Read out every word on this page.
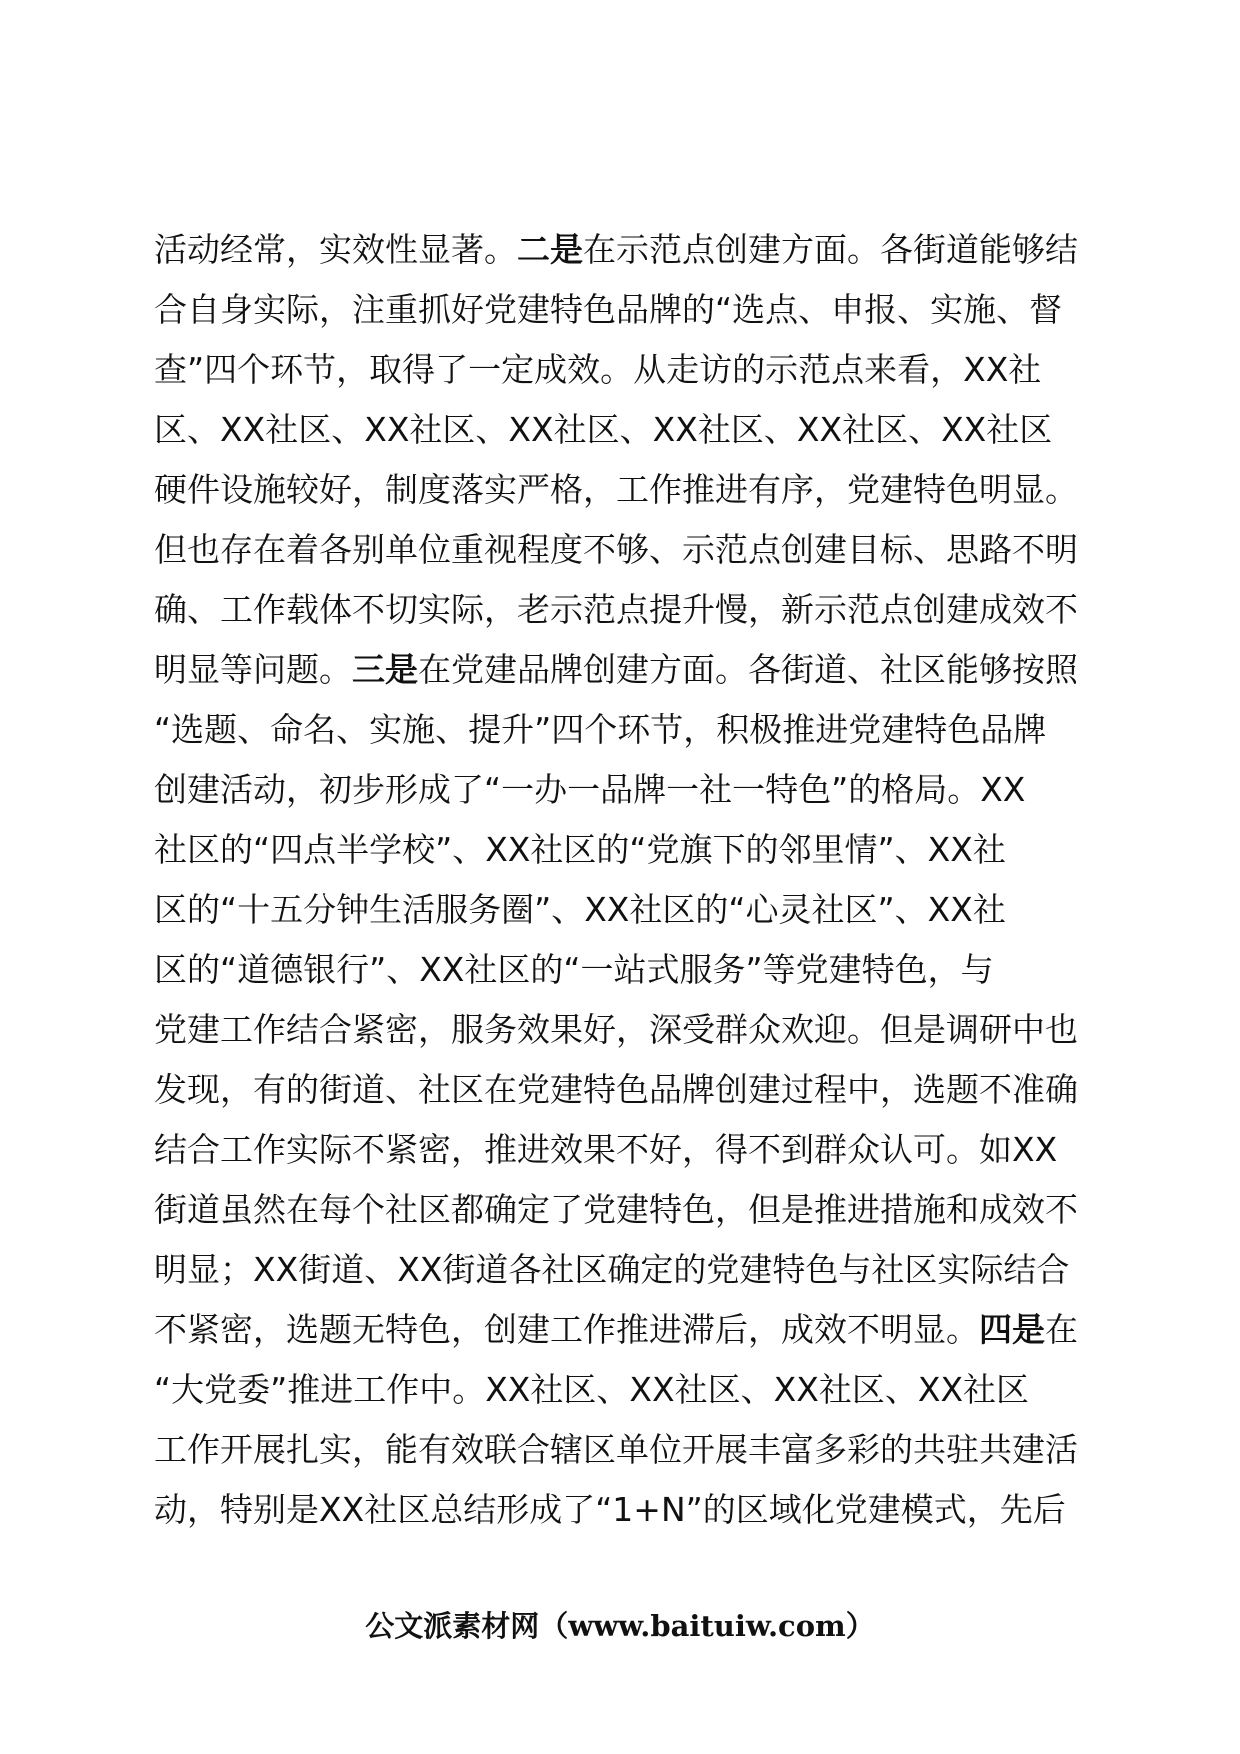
活动经常，实效性显著。二是在示范点创建方面。各街道能够结
合自身实际，注重抓好党建特色品牌的“选点、申报、实施、督
查”四个环节，取得了一定成效。从走访的示范点来看，XX社
区、XX社区、XX社区、XX社区、XX社区、XX社区、XX社区
硬件设施较好，制度落实严格，工作推进有序，党建特色明显。
但也存在着各别单位重视程度不够、示范点创建目标、思路不明
确、工作载体不切实际，老示范点提升慢，新示范点创建成效不
明显等问题。三是在党建品牌创建方面。各街道、社区能够按照
“选题、命名、实施、提升”四个环节，积极推进党建特色品牌
创建活动，初步形成了“一办一品牌一社一特色”的格局。XX
社区的“四点半学校”、XX社区的“党旗下的邻里情”、XX社
区的“十五分钟生活服务圈”、XX社区的“心灵社区”、XX社
区的“道德银行”、XX社区的“一站式服务”等党建特色，与
党建工作结合紧密，服务效果好，深受群众欢迎。但是调研中也
发现，有的街道、社区在党建特色品牌创建过程中，选题不准确
结合工作实际不紧密，推进效果不好，得不到群众认可。如XX
街道虽然在每个社区都确定了党建特色，但是推进措施和成效不
明显；XX街道、XX街道各社区确定的党建特色与社区实际结合
不紧密，选题无特色，创建工作推进滞后，成效不明显。四是在
“大党委”推进工作中。XX社区、XX社区、XX社区、XX社区
工作开展扎实，能有效联合辖区单位开展丰富多彩的共驻共建活
动，特别是XX社区总结形成了“1+N”的区域化党建模式，先后
公文派素材网（www.baituiw.com）
